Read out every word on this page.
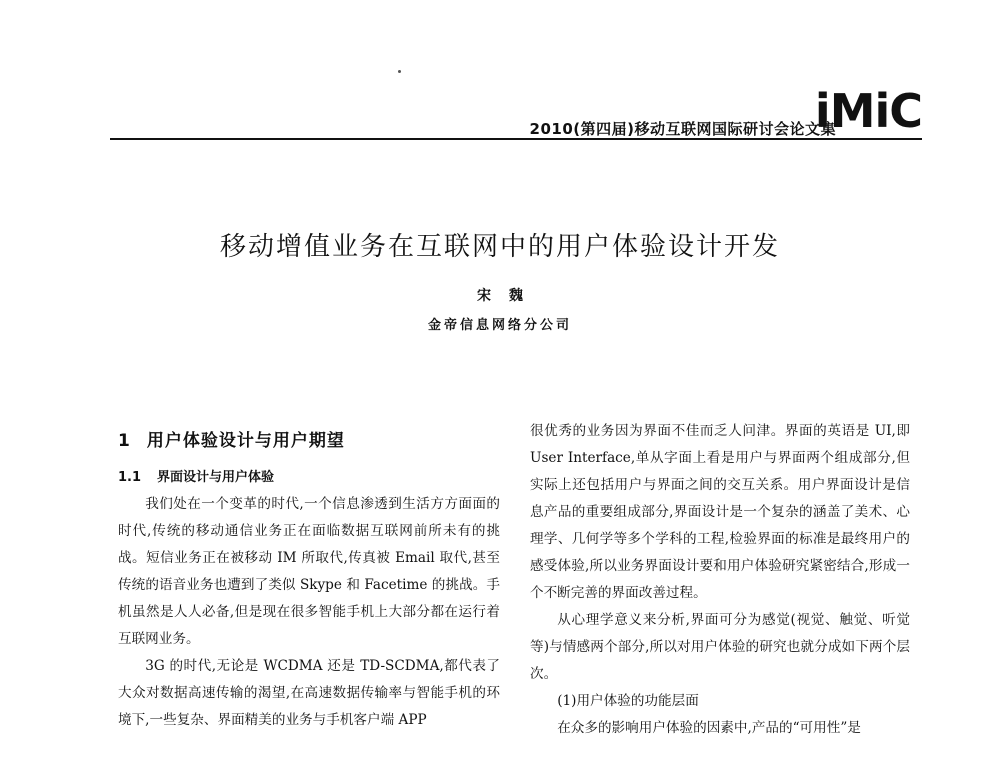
2010(第四届)移动互联网国际研讨会论文集
iMiC
移动增值业务在互联网中的用户体验设计开发
宋魏
金帝信息网络分公司
1 用户体验设计与用户期望
1.1 界面设计与用户体验

我们处在一个变革的时代,一个信息渗透到生活方方面面的时代,传统的移动通信业务正在面临数据互联网前所未有的挑战。短信业务正在被移动 IM 所取代,传真被 Email 取代,甚至传统的语音业务也遭到了类似 Skype 和 Facetime 的挑战。手机虽然是人人必备,但是现在很多智能手机上大部分都在运行着互联网业务。

3G 的时代,无论是 WCDMA 还是 TD-SCDMA,都代表了大众对数据高速传输的渴望,在高速数据传输率与智能手机的环境下,一些复杂、界面精美的业务与手机客户端 APP

很优秀的业务因为界面不佳而乏人问津。界面的英语是 UI,即 User Interface,单从字面上看是用户与界面两个组成部分,但实际上还包括用户与界面之间的交互关系。用户界面设计是信息产品的重要组成部分,界面设计是一个复杂的涵盖了美术、心理学、几何学等多个学科的工程,检验界面的标准是最终用户的感受体验,所以业务界面设计要和用户体验研究紧密结合,形成一个不断完善的界面改善过程。

从心理学意义来分析,界面可分为感觉(视觉、触觉、听觉等)与情感两个部分,所以对用户体验的研究也就分成如下两个层次。

(1)用户体验的功能层面

在众多的影响用户体验的因素中,产品的“可用性”是
